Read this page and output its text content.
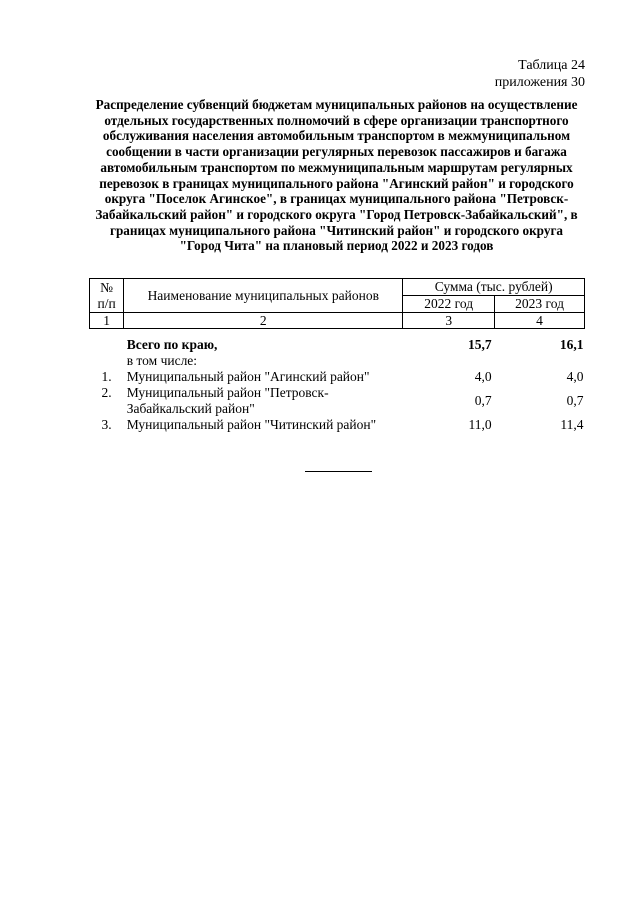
Таблица 24
приложения 30
Распределение субвенций бюджетам муниципальных районов на осуществление отдельных государственных полномочий в сфере организации транспортного обслуживания населения автомобильным транспортом в межмуниципальном сообщении в части организации регулярных перевозок пассажиров и багажа автомобильным транспортом по межмуниципальным маршрутам регулярных перевозок в границах муниципального района "Агинский район" и городского округа "Поселок Агинское", в границах муниципального района "Петровск-Забайкальский район" и городского округа "Город Петровск-Забайкальский", в границах муниципального района "Читинский район" и городского округа "Город Чита" на плановый период 2022 и 2023 годов
№
п/п	Наименование муниципальных районов	Сумма (тыс. рублей)	
		2022 год	2023 год
1	2	3	4

	Всего по краю,	15,7	16,1
	в том числе:		
1.	Муниципальный район "Агинский район"	4,0	4,0
2.	Муниципальный район "Петровск-
Забайкальский район"	0,7	0,7
3.	Муниципальный район "Читинский район"	11,0	11,4
